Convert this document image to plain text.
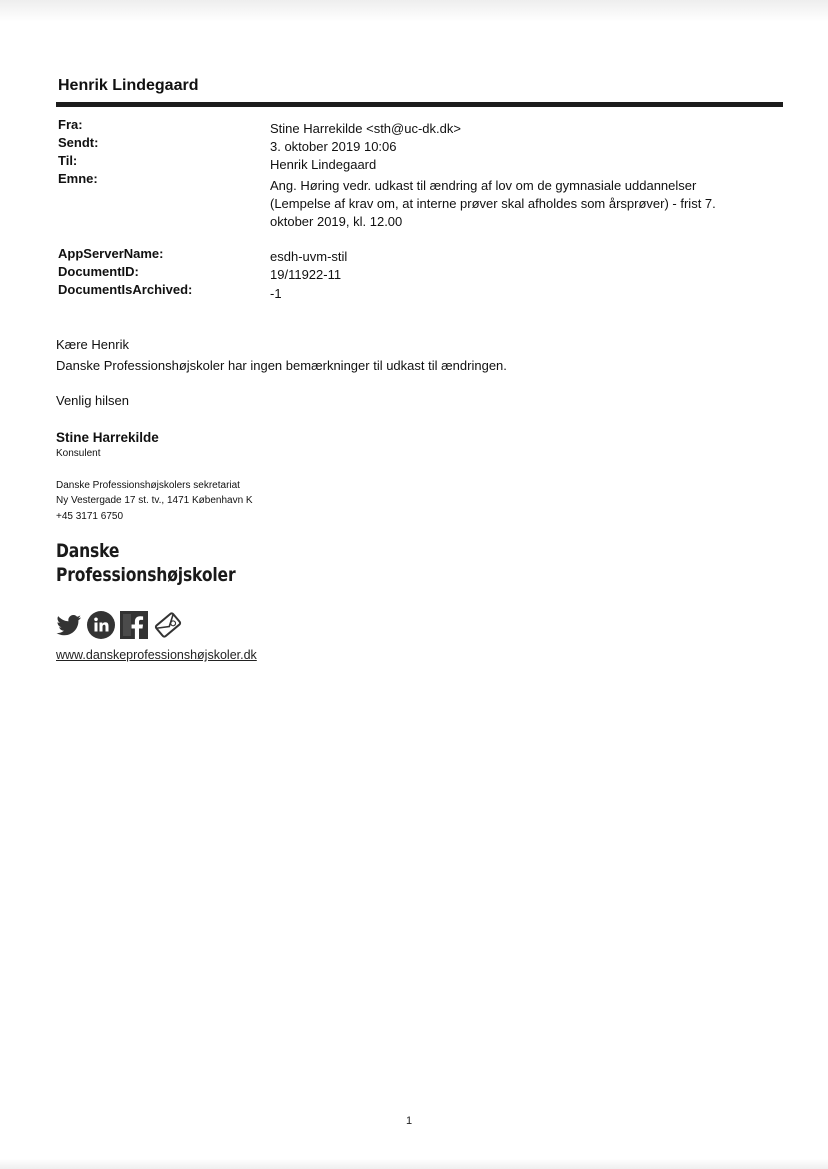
Henrik Lindegaard
Fra:	Stine Harrekilde <sth@uc-dk.dk>
Sendt:	3. oktober 2019 10:06
Til:	Henrik Lindegaard
Emne:	Ang. Høring vedr. udkast til ændring af lov om de gymnasiale uddannelser
(Lempelse af krav om, at interne prøver skal afholdes som årsprøver) - frist 7.
oktober 2019, kl. 12.00
AppServerName:	esdh-uvm-stil
DocumentID:	19/11922-11
DocumentIsArchived:	-1
Kære Henrik
Danske Professionshøjskoler har ingen bemærkninger til udkast til ændringen.
Venlig hilsen
Stine Harrekilde
Konsulent
Danske Professionshøjskolers sekretariat
Ny Vestergade 17 st. tv., 1471 København K
+45 3171 6750
Danske
Professionshøjskoler
www.danskeprofessionshøjskoler.dk
1
